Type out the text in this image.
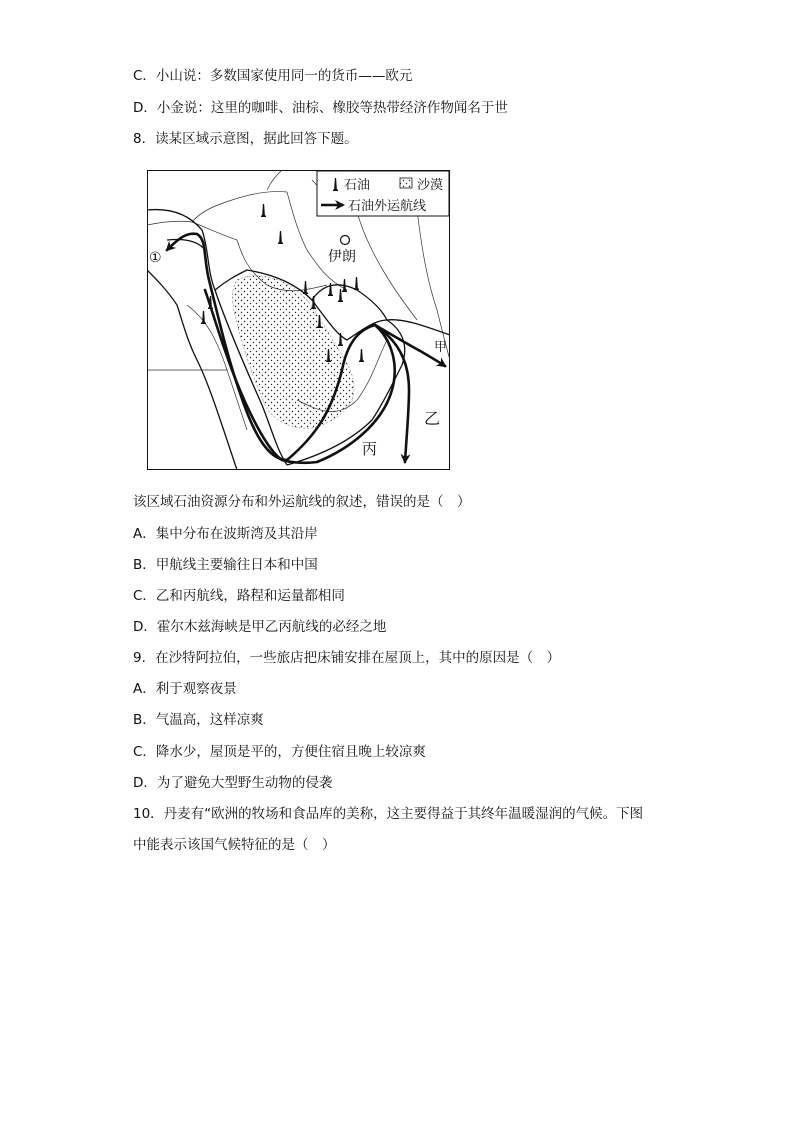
C．小山说：多数国家使用同一的货币——欧元
D．小金说：这里的咖啡、油棕、橡胶等热带经济作物闻名于世
8．读某区域示意图，据此回答下题。
石油	沙漠
石油外运航线
①	伊朗
甲
乙
丙
该区域石油资源分布和外运航线的叙述，错误的是（　）
A．集中分布在波斯湾及其沿岸
B．甲航线主要输往日本和中国
C．乙和丙航线，路程和运量都相同
D．霍尔木兹海峡是甲乙丙航线的必经之地
9．在沙特阿拉伯，一些旅店把床铺安排在屋顶上，其中的原因是（　）
A．利于观察夜景
B．气温高，这样凉爽
C．降水少，屋顶是平的，方便住宿且晚上较凉爽
D．为了避免大型野生动物的侵袭
10．丹麦有“欧洲的牧场和食品库的美称，这主要得益于其终年温暖湿润的气候。下图
中能表示该国气候特征的是（　）
